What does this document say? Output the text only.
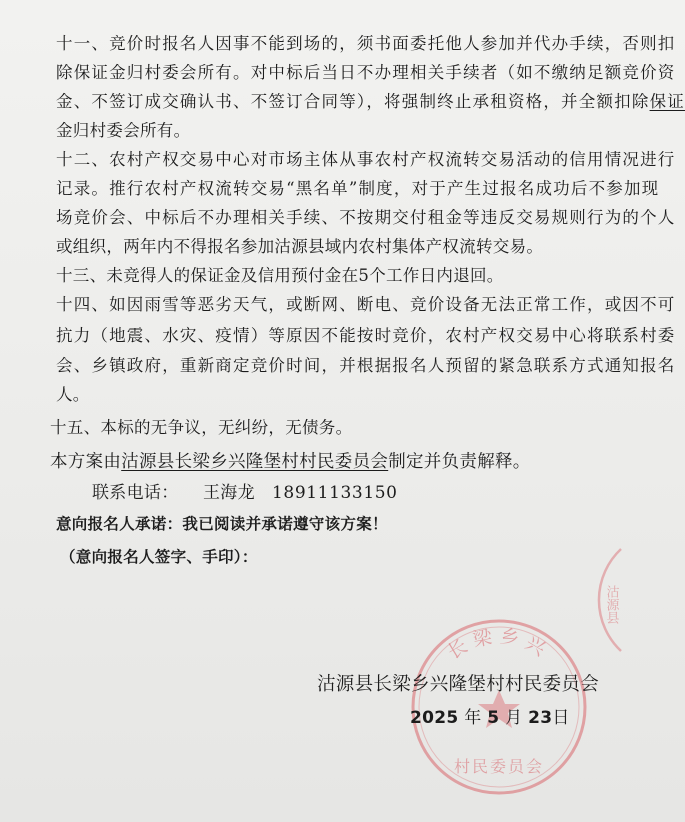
十一、竞价时报名人因事不能到场的，须书面委托他人参加并代办手续，否则扣
除保证金归村委会所有。对中标后当日不办理相关手续者（如不缴纳足额竞价资
金、不签订成交确认书、不签订合同等），将强制终止承租资格，并全额扣除保证
金归村委会所有。
十二、农村产权交易中心对市场主体从事农村产权流转交易活动的信用情况进行
记录。推行农村产权流转交易“黑名单”制度，对于产生过报名成功后不参加现
场竞价会、中标后不办理相关手续、不按期交付租金等违反交易规则行为的个人
或组织，两年内不得报名参加沽源县域内农村集体产权流转交易。
十三、未竞得人的保证金及信用预付金在5个工作日内退回。
十四、如因雨雪等恶劣天气，或断网、断电、竞价设备无法正常工作，或因不可
抗力（地震、水灾、疫情）等原因不能按时竞价，农村产权交易中心将联系村委
会、乡镇政府，重新商定竞价时间，并根据报名人预留的紧急联系方式通知报名
人。
十五、本标的无争议，无纠纷，无债务。
本方案由沽源县长梁乡兴隆堡村村民委员会制定并负责解释。
联系电话： 王海龙 18911133150
意向报名人承诺：我已阅读并承诺遵守该方案！
（意向报名人签字、手印）：
长梁乡兴
村民委员会
沽源县
沽源县长梁乡兴隆堡村村民委员会
2025 年 5 月 23日
